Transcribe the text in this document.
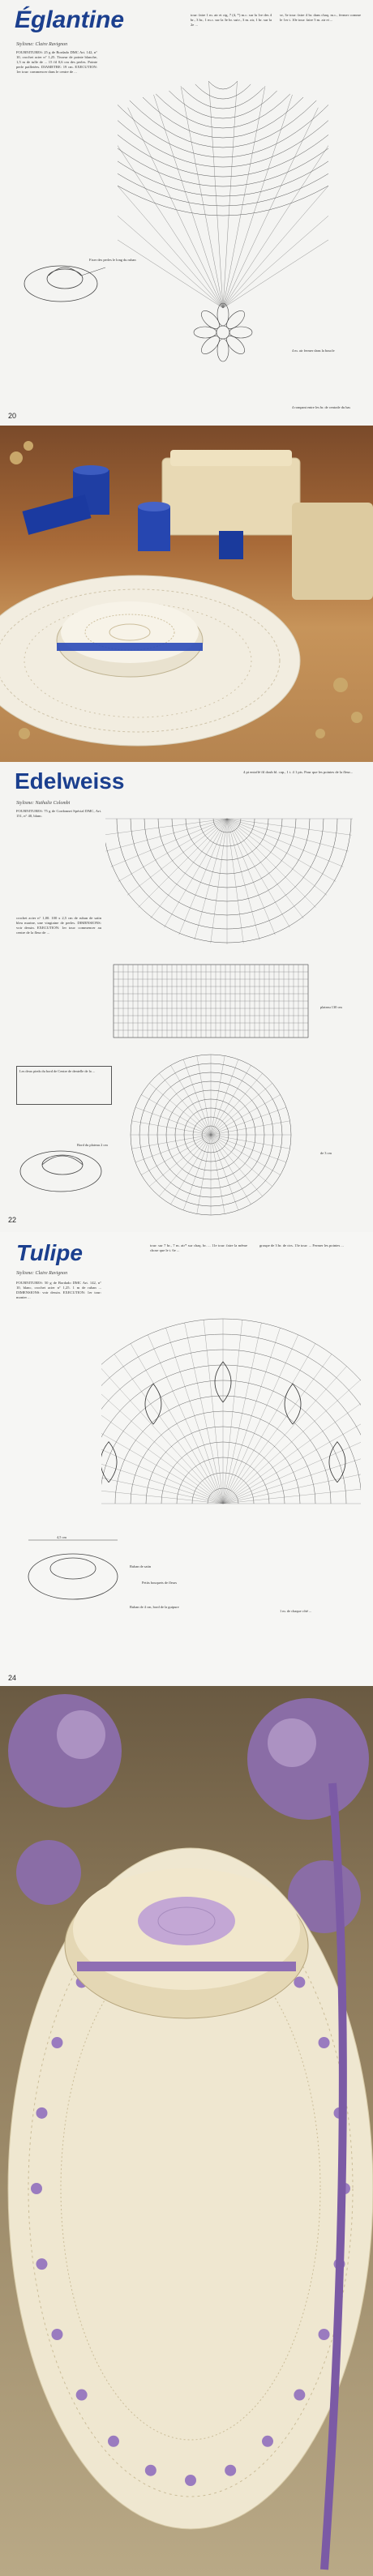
Églantine
Stylisme: Claire Ravignon
FOURNITURES: 25 g de Bordado DMC Art. 142, n° 10, crochet acier n° 1,25. Tisseur de pointe blanche, 1,5 m de tulle de ... 15 fil 0,6 cm des perles. Pointe perle pailletées. DIAMETRE: 19 cm. EXECUTION: 1er tour: commencer dans le centre de ...
tour: faire 1 m. air et ctg, 7 (4, *) m.c. sur la 1re des 4 br., 3 br., 1 m.c. sur la 3e br. suiv., 3 m. air, 1 br. sur la 2e ...
sv, 3e tour: faire 4 br. dans chaq. m.c., fermer comme le 1er t. 10e tour: faire 5 m. air et ...
Fixer des perles le long du ruban
4 m. air fermer dans la boucle
4 rompant entre les br. de centrale du bas
20
Edelweiss
Stylisme: Nathalie Colombi
FOURNITURES: 75 g de Cordonnet Spécial DMC, Art. 151, n° 40, blanc.
crochet acier n° 1,00. 100 x 2,5 cm de ruban de satin bleu marine, une vingtaine de perles. DIMENSIONS: voir dessin. EXECUTION: 1er tour: commencer au centre de la fleur de ...
4 pt entoffé fil doub bl. cap., 1 t. 4 1 pts. Pour que les pointes de la fleur...
Les deux pieds du bord de Centre de dentelle de la ...
plateau 130 cm
de 3 cm
Bord du plateau 2 cm
22
Tulipe
Stylisme: Claire Ravignon
FOURNITURES: 50 g de Bordado DMC Art. 142, n° 10, blanc, crochet acier n° 1,25. 1 m de ruban ... DIMENSIONS: voir dessin. EXECUTION: 1er tour: monter ...
tour: sur 7 br., 7 m. air* sur chaq. br. ... 11e tour: faire la même chose que le t. 6e ...
groupe de 3 br. de ctrs. 13e tour: ... Fermer les pointes ...
4,5 cm
Ruban de satin
Petits bouquets de fleurs
Ruban de 4 cm, bord de la guipure
1 m. de chaque côté ...
24
